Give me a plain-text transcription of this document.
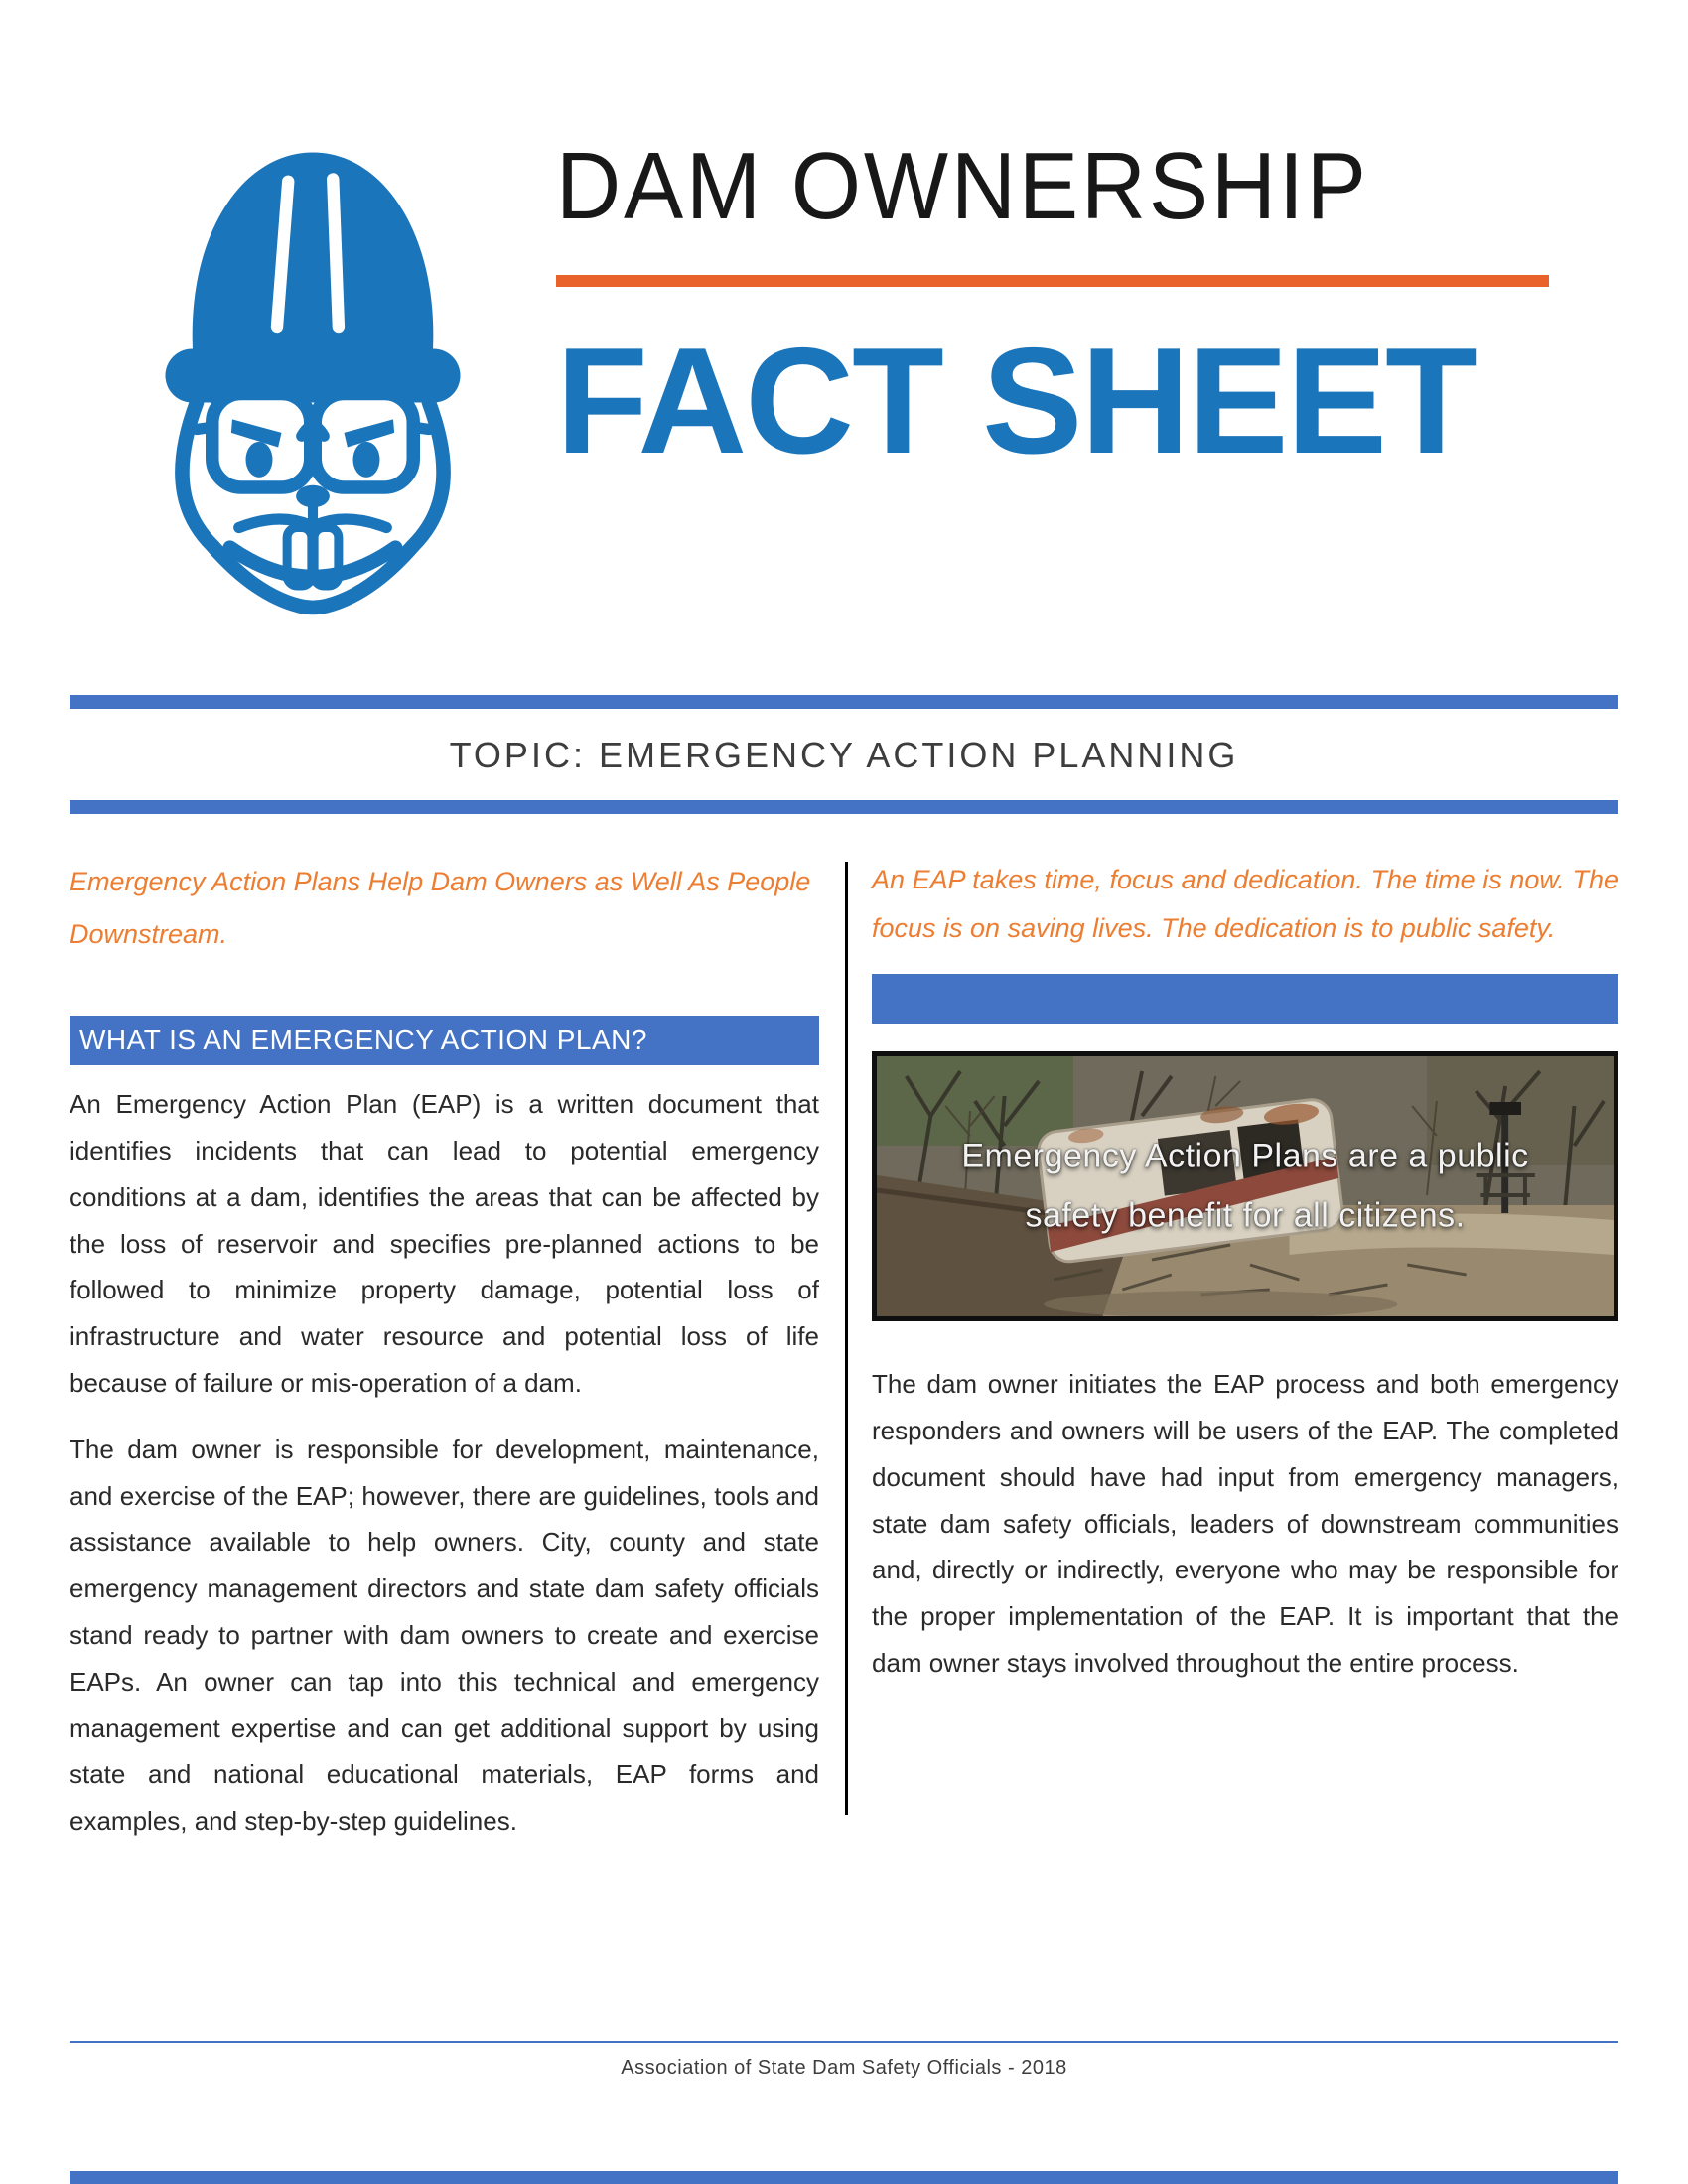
DAM OWNERSHIP
FACT SHEET
TOPIC: EMERGENCY ACTION PLANNING
Emergency Action Plans Help Dam Owners as Well As People Downstream.
WHAT IS AN EMERGENCY ACTION PLAN?
An Emergency Action Plan (EAP) is a written document that identifies incidents that can lead to potential emergency conditions at a dam, identifies the areas that can be affected by the loss of reservoir and specifies pre-planned actions to be followed to minimize property damage, potential loss of infrastructure and water resource and potential loss of life because of failure or mis-operation of a dam.
The dam owner is responsible for development, maintenance, and exercise of the EAP; however, there are guidelines, tools and assistance available to help owners. City, county and state emergency management directors and state dam safety officials stand ready to partner with dam owners to create and exercise EAPs. An owner can tap into this technical and emergency management expertise and can get additional support by using state and national educational materials, EAP forms and examples, and step-by-step guidelines.
An EAP takes time, focus and dedication. The time is now. The focus is on saving lives. The dedication is to public safety.
Emergency Action Plans are a public safety benefit for all citizens.
The dam owner initiates the EAP process and both emergency responders and owners will be users of the EAP. The completed document should have had input from emergency managers, state dam safety officials, leaders of downstream communities and, directly or indirectly, everyone who may be responsible for the proper implementation of the EAP. It is important that the dam owner stays involved throughout the entire process.
Association of State Dam Safety Officials - 2018
